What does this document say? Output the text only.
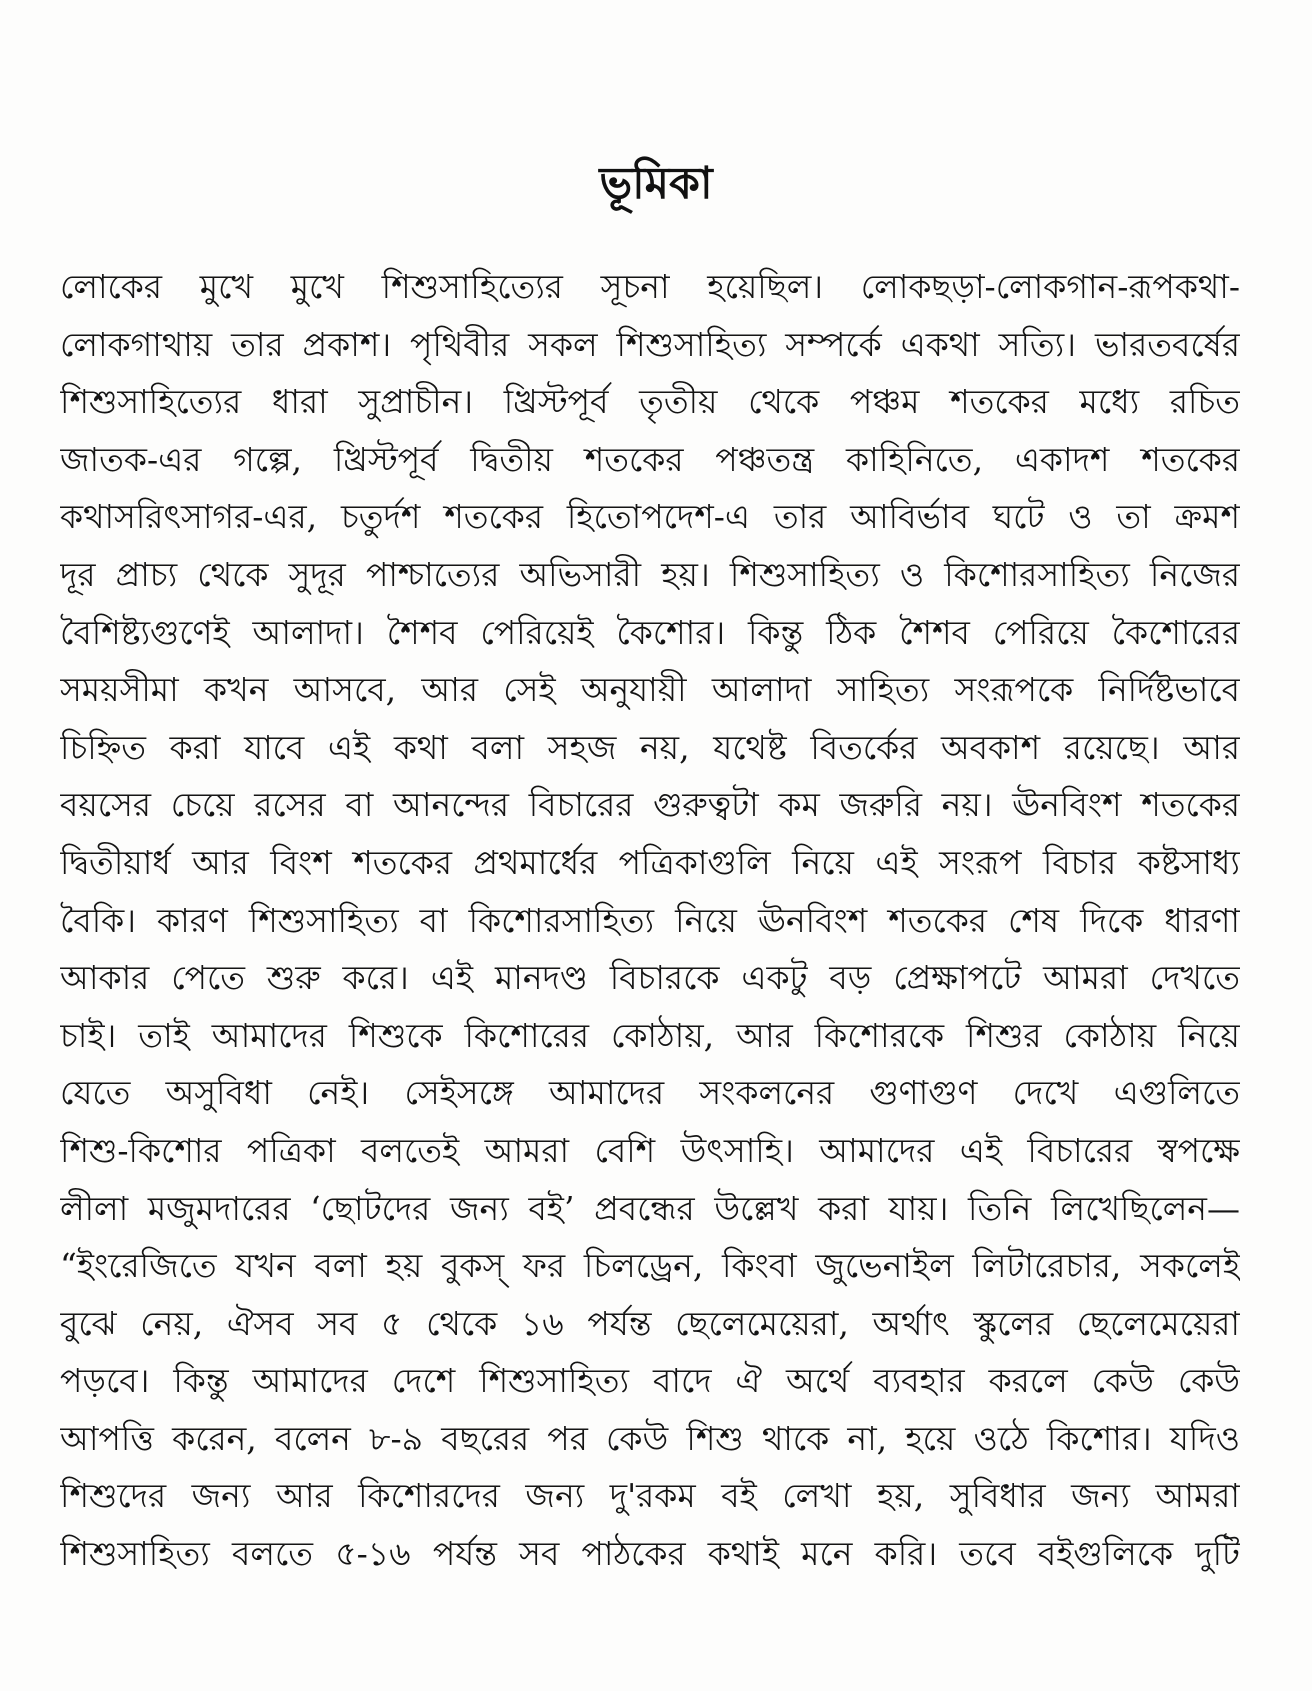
ভূমিকা
লোকের মুখে মুখে শিশুসাহিত্যের সূচনা হয়েছিল। লোকছড়া-লোকগান-রূপকথা-
লোকগাথায় তার প্রকাশ। পৃথিবীর সকল শিশুসাহিত্য সম্পর্কে একথা সত্যি। ভারতবর্ষের
শিশুসাহিত্যের ধারা সুপ্রাচীন। খ্রিস্টপূর্ব তৃতীয় থেকে পঞ্চম শতকের মধ্যে রচিত
জাতক-এর গল্পে, খ্রিস্টপূর্ব দ্বিতীয় শতকের পঞ্চতন্ত্র কাহিনিতে, একাদশ শতকের
কথাসরিৎসাগর-এর, চতুর্দশ শতকের হিতোপদেশ-এ তার আবির্ভাব ঘটে ও তা ক্রমশ
দূর প্রাচ্য থেকে সুদূর পাশ্চাত্যের অভিসারী হয়। শিশুসাহিত্য ও কিশোরসাহিত্য নিজের
বৈশিষ্ট্যগুণেই আলাদা। শৈশব পেরিয়েই কৈশোর। কিন্তু ঠিক শৈশব পেরিয়ে কৈশোরের
সময়সীমা কখন আসবে, আর সেই অনুযায়ী আলাদা সাহিত্য সংরূপকে নির্দিষ্টভাবে
চিহ্নিত করা যাবে এই কথা বলা সহজ নয়, যথেষ্ট বিতর্কের অবকাশ রয়েছে। আর
বয়সের চেয়ে রসের বা আনন্দের বিচারের গুরুত্বটা কম জরুরি নয়। ঊনবিংশ শতকের
দ্বিতীয়ার্ধ আর বিংশ শতকের প্রথমার্ধের পত্রিকাগুলি নিয়ে এই সংরূপ বিচার কষ্টসাধ্য
বৈকি। কারণ শিশুসাহিত্য বা কিশোরসাহিত্য নিয়ে ঊনবিংশ শতকের শেষ দিকে ধারণা
আকার পেতে শুরু করে। এই মানদণ্ড বিচারকে একটু বড় প্রেক্ষাপটে আমরা দেখতে
চাই। তাই আমাদের শিশুকে কিশোরের কোঠায়, আর কিশোরকে শিশুর কোঠায় নিয়ে
যেতে অসুবিধা নেই। সেইসঙ্গে আমাদের সংকলনের গুণাগুণ দেখে এগুলিতে
শিশু-কিশোর পত্রিকা বলতেই আমরা বেশি উৎসাহি। আমাদের এই বিচারের স্বপক্ষে
লীলা মজুমদারের ‘ছোটদের জন্য বই’ প্রবন্ধের উল্লেখ করা যায়। তিনি লিখেছিলেন—
“ইংরেজিতে যখন বলা হয় বুকস্ ফর চিলড্রেন, কিংবা জুভেনাইল লিটারেচার, সকলেই
বুঝে নেয়, ঐসব সব ৫ থেকে ১৬ পর্যন্ত ছেলেমেয়েরা, অর্থাৎ স্কুলের ছেলেমেয়েরা
পড়বে। কিন্তু আমাদের দেশে শিশুসাহিত্য বাদে ঐ অর্থে ব্যবহার করলে কেউ কেউ
আপত্তি করেন, বলেন ৮-৯ বছরের পর কেউ শিশু থাকে না, হয়ে ওঠে কিশোর। যদিও
শিশুদের জন্য আর কিশোরদের জন্য দু'রকম বই লেখা হয়, সুবিধার জন্য আমরা
শিশুসাহিত্য বলতে ৫-১৬ পর্যন্ত সব পাঠকের কথাই মনে করি। তবে বইগুলিকে দুটি
